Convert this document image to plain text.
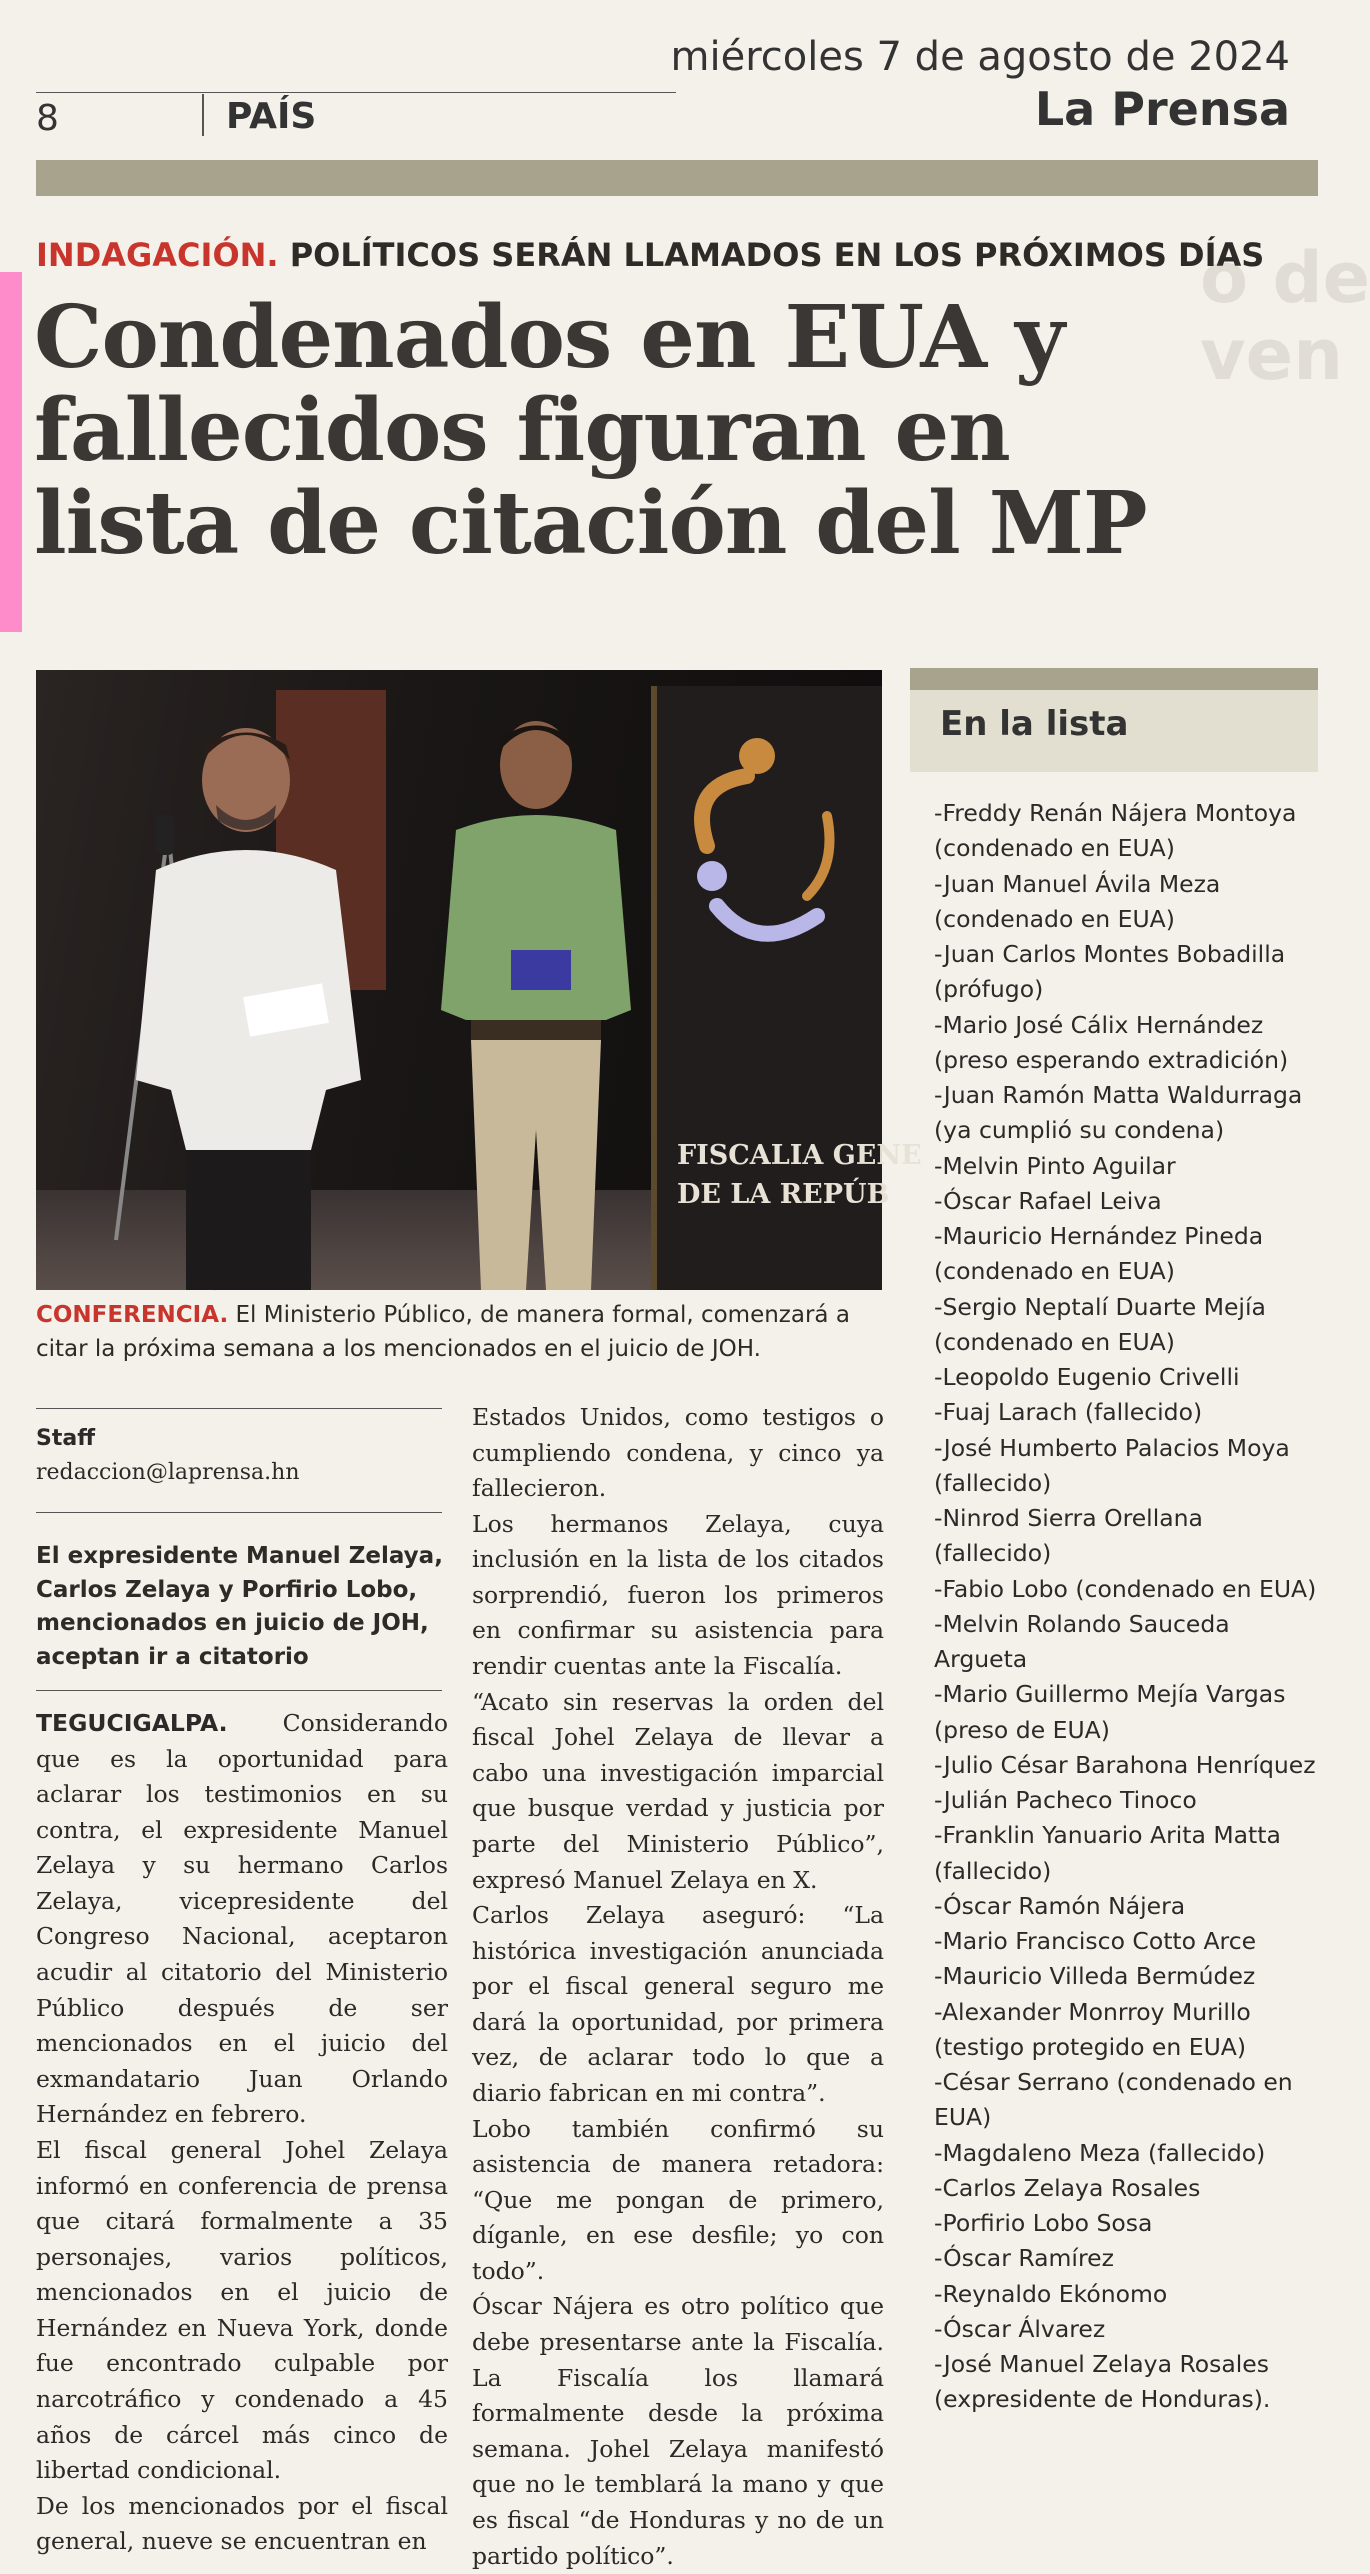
o de
ven
8	PAÍS
miércoles 7 de agosto de 2024
La Prensa
INDAGACIÓN. POLÍTICOS SERÁN LLAMADOS EN LOS PRÓXIMOS DÍAS
Condenados en EUA y
fallecidos figuran en
lista de citación del MP
FISCALIA GENE
DE LA REPÚB

CONFERENCIA. El Ministerio Público, de manera formal, comenzará a citar la próxima semana a los mencionados en el juicio de JOH.

Staff
redaccion@laprensa.hn

El expresidente Manuel Zelaya, Carlos Zelaya y Porfirio Lobo, mencionados en juicio de JOH, aceptan ir a citatorio

TEGUCIGALPA. Considerando que es la oportunidad para aclarar los testimonios en su contra, el expresidente Manuel Zelaya y su hermano Carlos Zelaya, vicepresidente del Congreso Nacional, aceptaron acudir al citatorio del Ministerio Público después de ser mencionados en el juicio del exmandatario Juan Orlando Hernández en febrero.

El fiscal general Johel Zelaya informó en conferencia de prensa que citará formalmente a 35 personajes, varios políticos, mencionados en el juicio de Hernández en Nueva York, donde fue encontrado culpable por narcotráfico y condenado a 45 años de cárcel más cinco de libertad condicional.

De los mencionados por el fiscal general, nueve se encuentran en

Estados Unidos, como testigos o cumpliendo condena, y cinco ya fallecieron.

Los hermanos Zelaya, cuya inclusión en la lista de los citados sorprendió, fueron los primeros en confirmar su asistencia para rendir cuentas ante la Fiscalía.

“Acato sin reservas la orden del fiscal Johel Zelaya de llevar a cabo una investigación imparcial que busque verdad y justicia por parte del Ministerio Público”, expresó Manuel Zelaya en X.

Carlos Zelaya aseguró: “La histórica investigación anunciada por el fiscal general seguro me dará la oportunidad, por primera vez, de aclarar todo lo que a diario fabrican en mi contra”.

Lobo también confirmó su asistencia de manera retadora: “Que me pongan de primero, díganle, en ese desfile; yo con todo”.

Óscar Nájera es otro político que debe presentarse ante la Fiscalía. La Fiscalía los llamará formalmente desde la próxima semana. Johel Zelaya manifestó que no le temblará la mano y que es fiscal “de Honduras y no de un partido político”.

En la lista
-Freddy Renán Nájera Montoya (condenado en EUA)
-Juan Manuel Ávila Meza (condenado en EUA)
-Juan Carlos Montes Bobadilla (prófugo)
-Mario José Cálix Hernández (preso esperando extradición)
-Juan Ramón Matta Waldurraga (ya cumplió su condena)
-Melvin Pinto Aguilar
-Óscar Rafael Leiva
-Mauricio Hernández Pineda (condenado en EUA)
-Sergio Neptalí Duarte Mejía (condenado en EUA)
-Leopoldo Eugenio Crivelli
-Fuaj Larach (fallecido)
-José Humberto Palacios Moya (fallecido)
-Ninrod Sierra Orellana (fallecido)
-Fabio Lobo (condenado en EUA)
-Melvin Rolando Sauceda Argueta
-Mario Guillermo Mejía Vargas (preso de EUA)
-Julio César Barahona Henríquez
-Julián Pacheco Tinoco
-Franklin Yanuario Arita Matta (fallecido)
-Óscar Ramón Nájera
-Mario Francisco Cotto Arce
-Mauricio Villeda Bermúdez
-Alexander Monrroy Murillo (testigo protegido en EUA)
-César Serrano (condenado en EUA)
-Magdaleno Meza (fallecido)
-Carlos Zelaya Rosales
-Porfirio Lobo Sosa
-Óscar Ramírez
-Reynaldo Ekónomo
-Óscar Álvarez
-José Manuel Zelaya Rosales (expresidente de Honduras).
